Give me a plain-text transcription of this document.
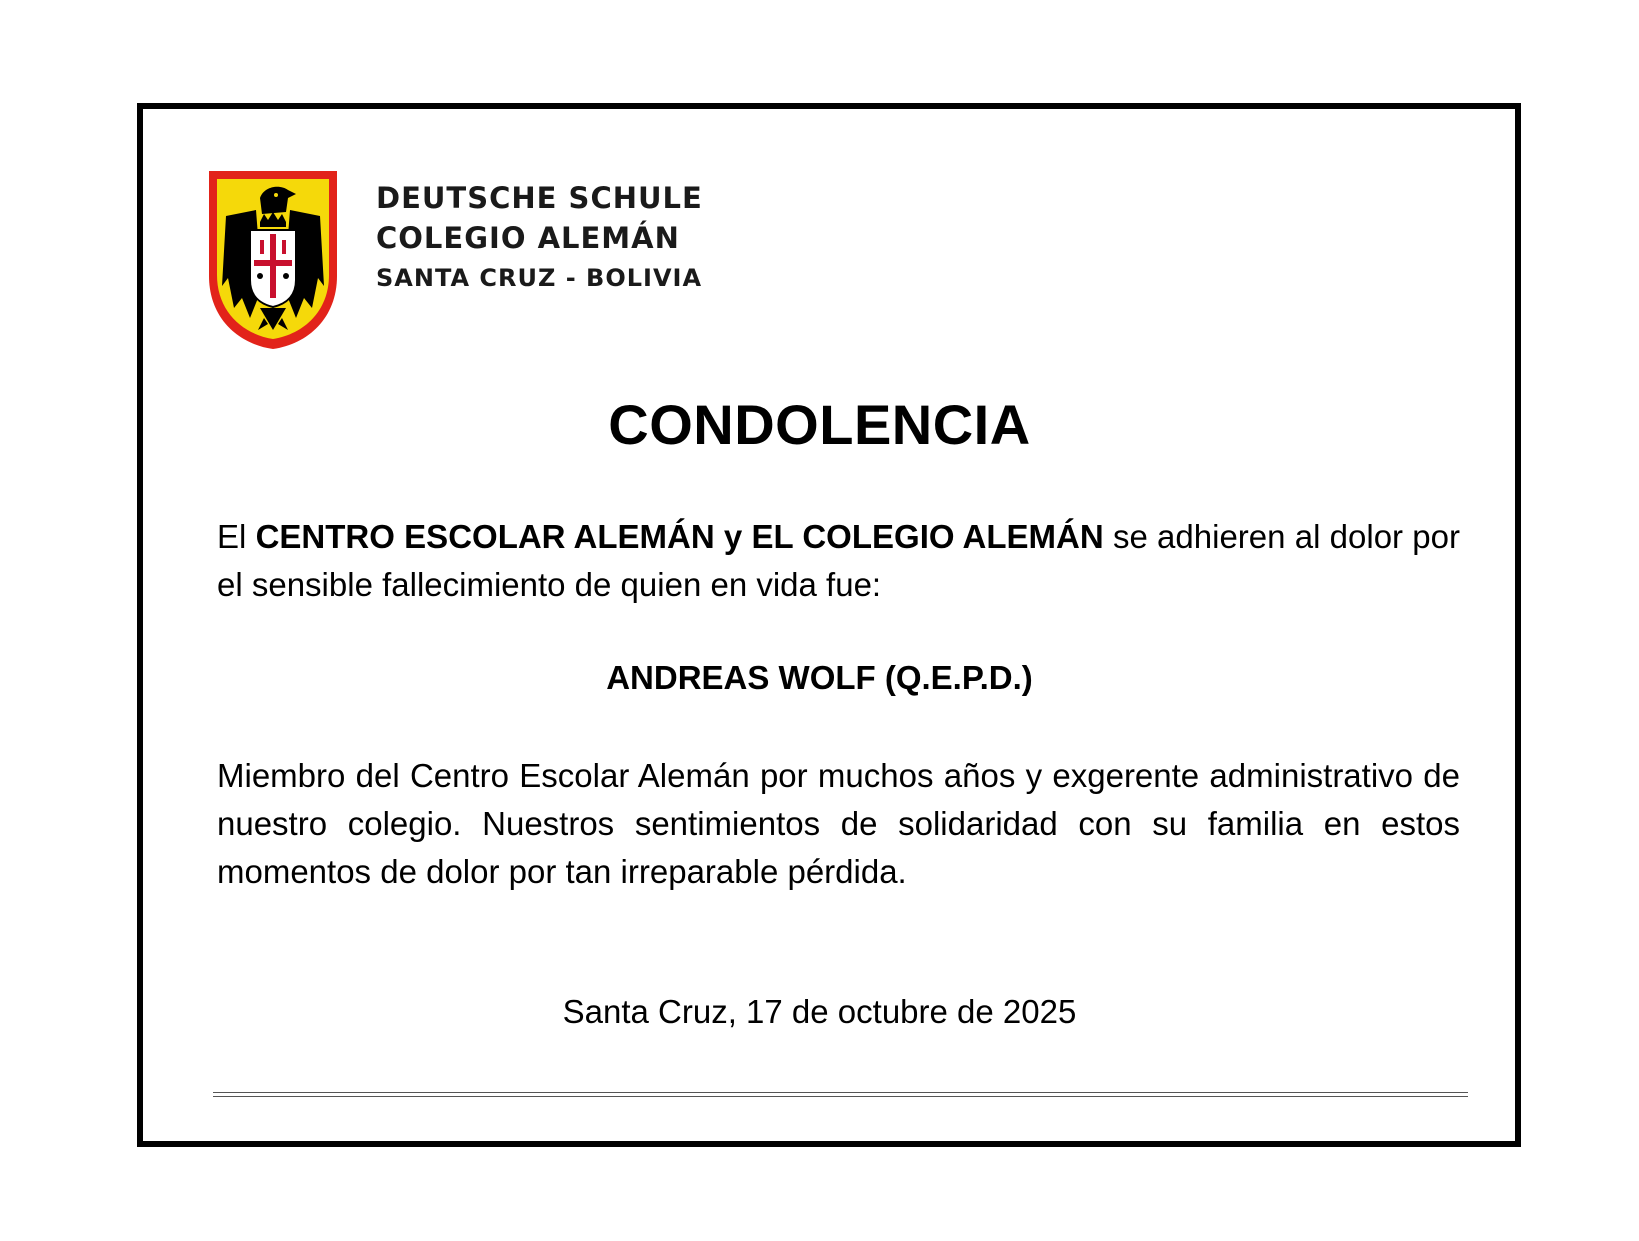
DEUTSCHE SCHULE
COLEGIO ALEMÁN
SANTA CRUZ - BOLIVIA
CONDOLENCIA
El CENTRO ESCOLAR ALEMÁN y EL COLEGIO ALEMÁN se adhieren al dolor por el sensible fallecimiento de quien en vida fue:
ANDREAS WOLF (Q.E.P.D.)
Miembro del Centro Escolar Alemán por muchos años y exgerente administrativo de nuestro colegio. Nuestros sentimientos de solidaridad con su familia en estos momentos de dolor por tan irreparable pérdida.
Santa Cruz, 17 de octubre de 2025
